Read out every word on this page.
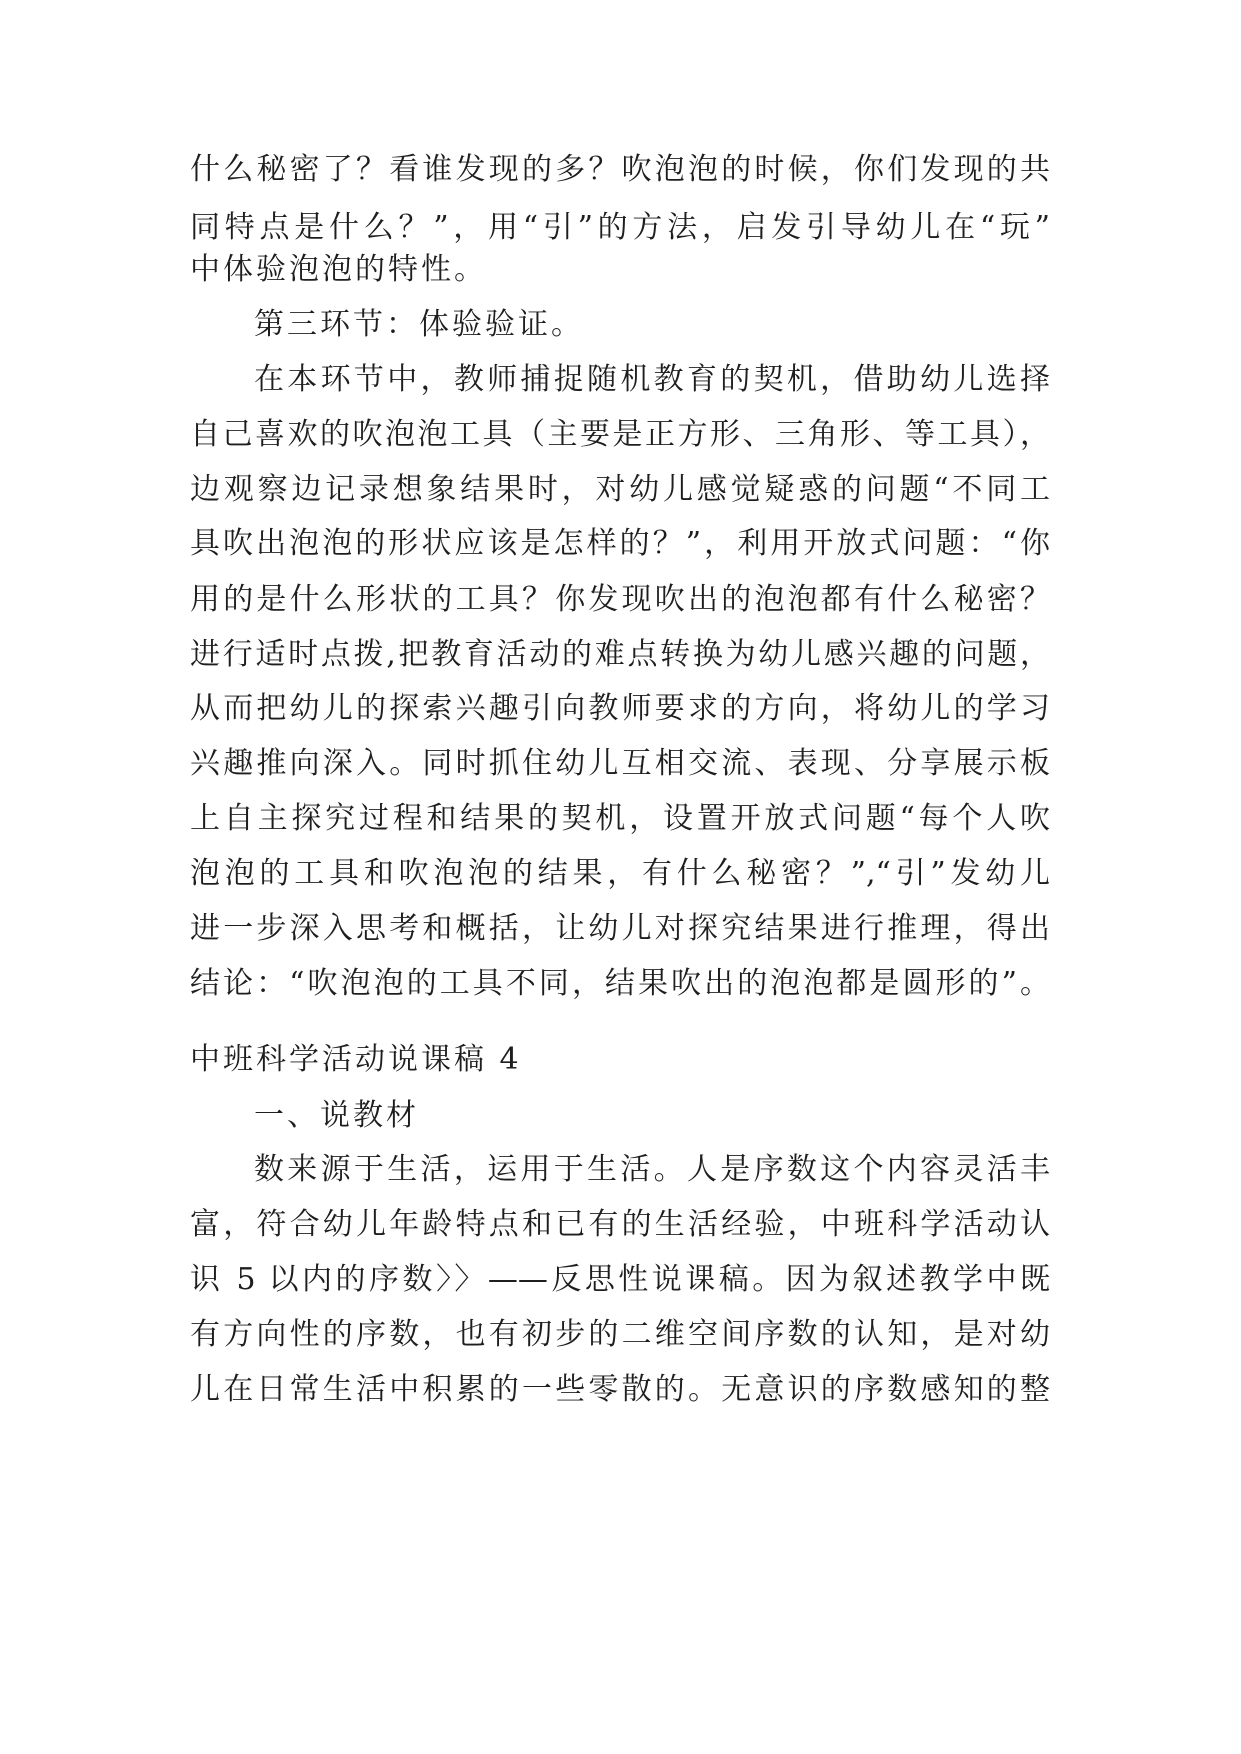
什么秘密了？看谁发现的多？吹泡泡的时候，你们发现的共
同特点是什么？”，用“引”的方法，启发引导幼儿在“玩”
中体验泡泡的特性。
第三环节：体验验证。
在本环节中，教师捕捉随机教育的契机，借助幼儿选择
自己喜欢的吹泡泡工具（主要是正方形、三角形、等工具），
边观察边记录想象结果时，对幼儿感觉疑惑的问题“不同工
具吹出泡泡的形状应该是怎样的？”，利用开放式问题：“你
用的是什么形状的工具？你发现吹出的泡泡都有什么秘密？
进行适时点拨,把教育活动的难点转换为幼儿感兴趣的问题，
从而把幼儿的探索兴趣引向教师要求的方向，将幼儿的学习
兴趣推向深入。同时抓住幼儿互相交流、表现、分享展示板
上自主探究过程和结果的契机，设置开放式问题“每个人吹
泡泡的工具和吹泡泡的结果，有什么秘密？”,“引”发幼儿
进一步深入思考和概括，让幼儿对探究结果进行推理，得出
结论：“吹泡泡的工具不同，结果吹出的泡泡都是圆形的”。
中班科学活动说课稿 4
一、说教材
数来源于生活，运用于生活。人是序数这个内容灵活丰
富，符合幼儿年龄特点和已有的生活经验，中班科学活动认
识 5 以内的序数〉〉——反思性说课稿。因为叙述教学中既
有方向性的序数，也有初步的二维空间序数的认知，是对幼
儿在日常生活中积累的一些零散的。无意识的序数感知的整
